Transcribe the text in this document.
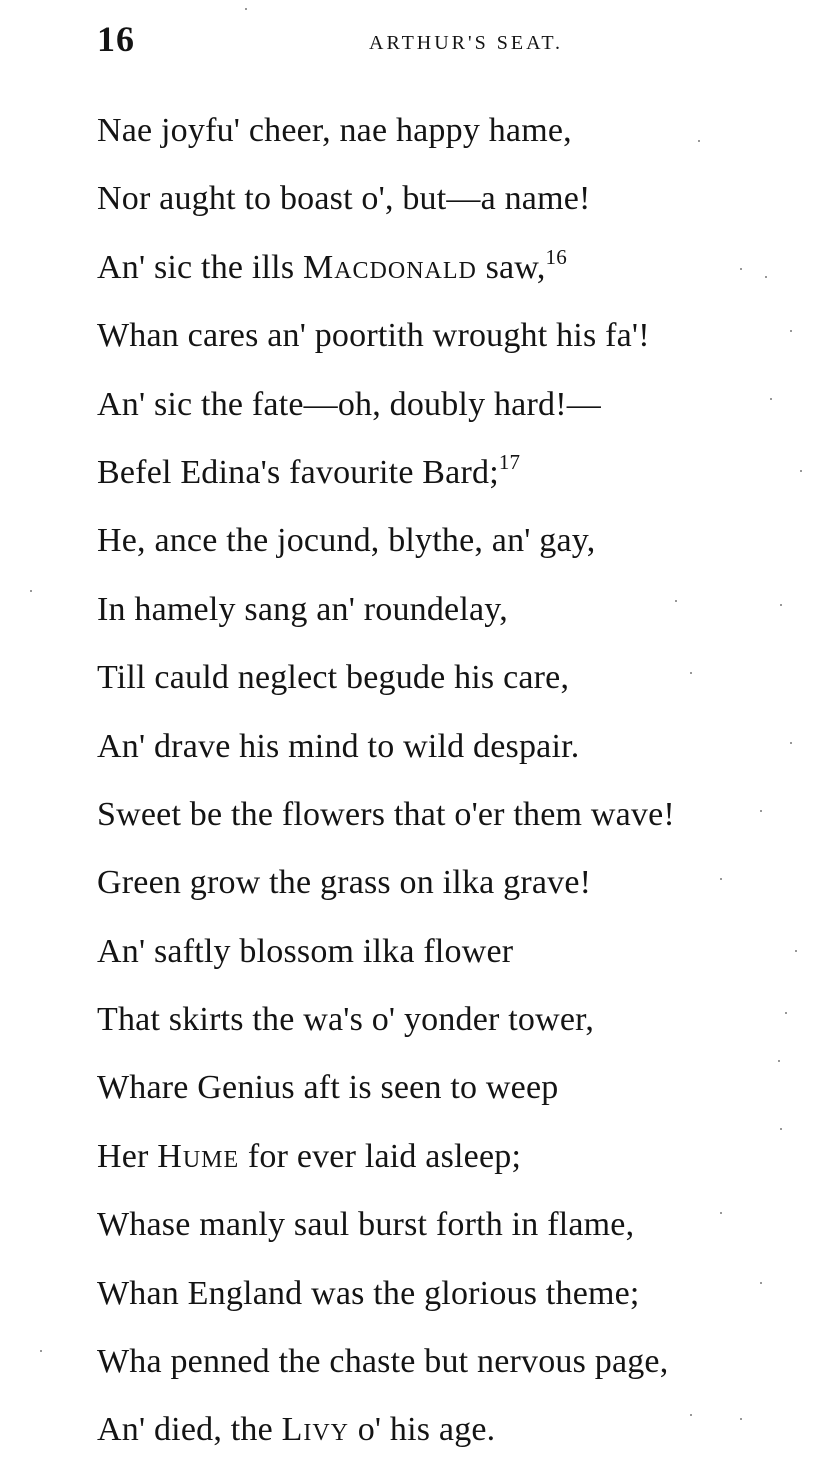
16	ARTHUR'S SEAT.
Nae joyfu' cheer, nae happy hame,
Nor aught to boast o', but—a name!
An' sic the ills Macdonald saw,$^{16}$
Whan cares an' poortith wrought his fa'!
An' sic the fate—oh, doubly hard!—
Befel Edina's favourite Bard;$^{17}$
He, ance the jocund, blythe, an' gay,
In hamely sang an' roundelay,
Till cauld neglect begude his care,
An' drave his mind to wild despair.
Sweet be the flowers that o'er them wave!
Green grow the grass on ilka grave!
An' saftly blossom ilka flower
That skirts the wa's o' yonder tower,
Whare Genius aft is seen to weep
Her Hume for ever laid asleep;
Whase manly saul burst forth in flame,
Whan England was the glorious theme;
Wha penned the chaste but nervous page,
An' died, the Livy o' his age.
